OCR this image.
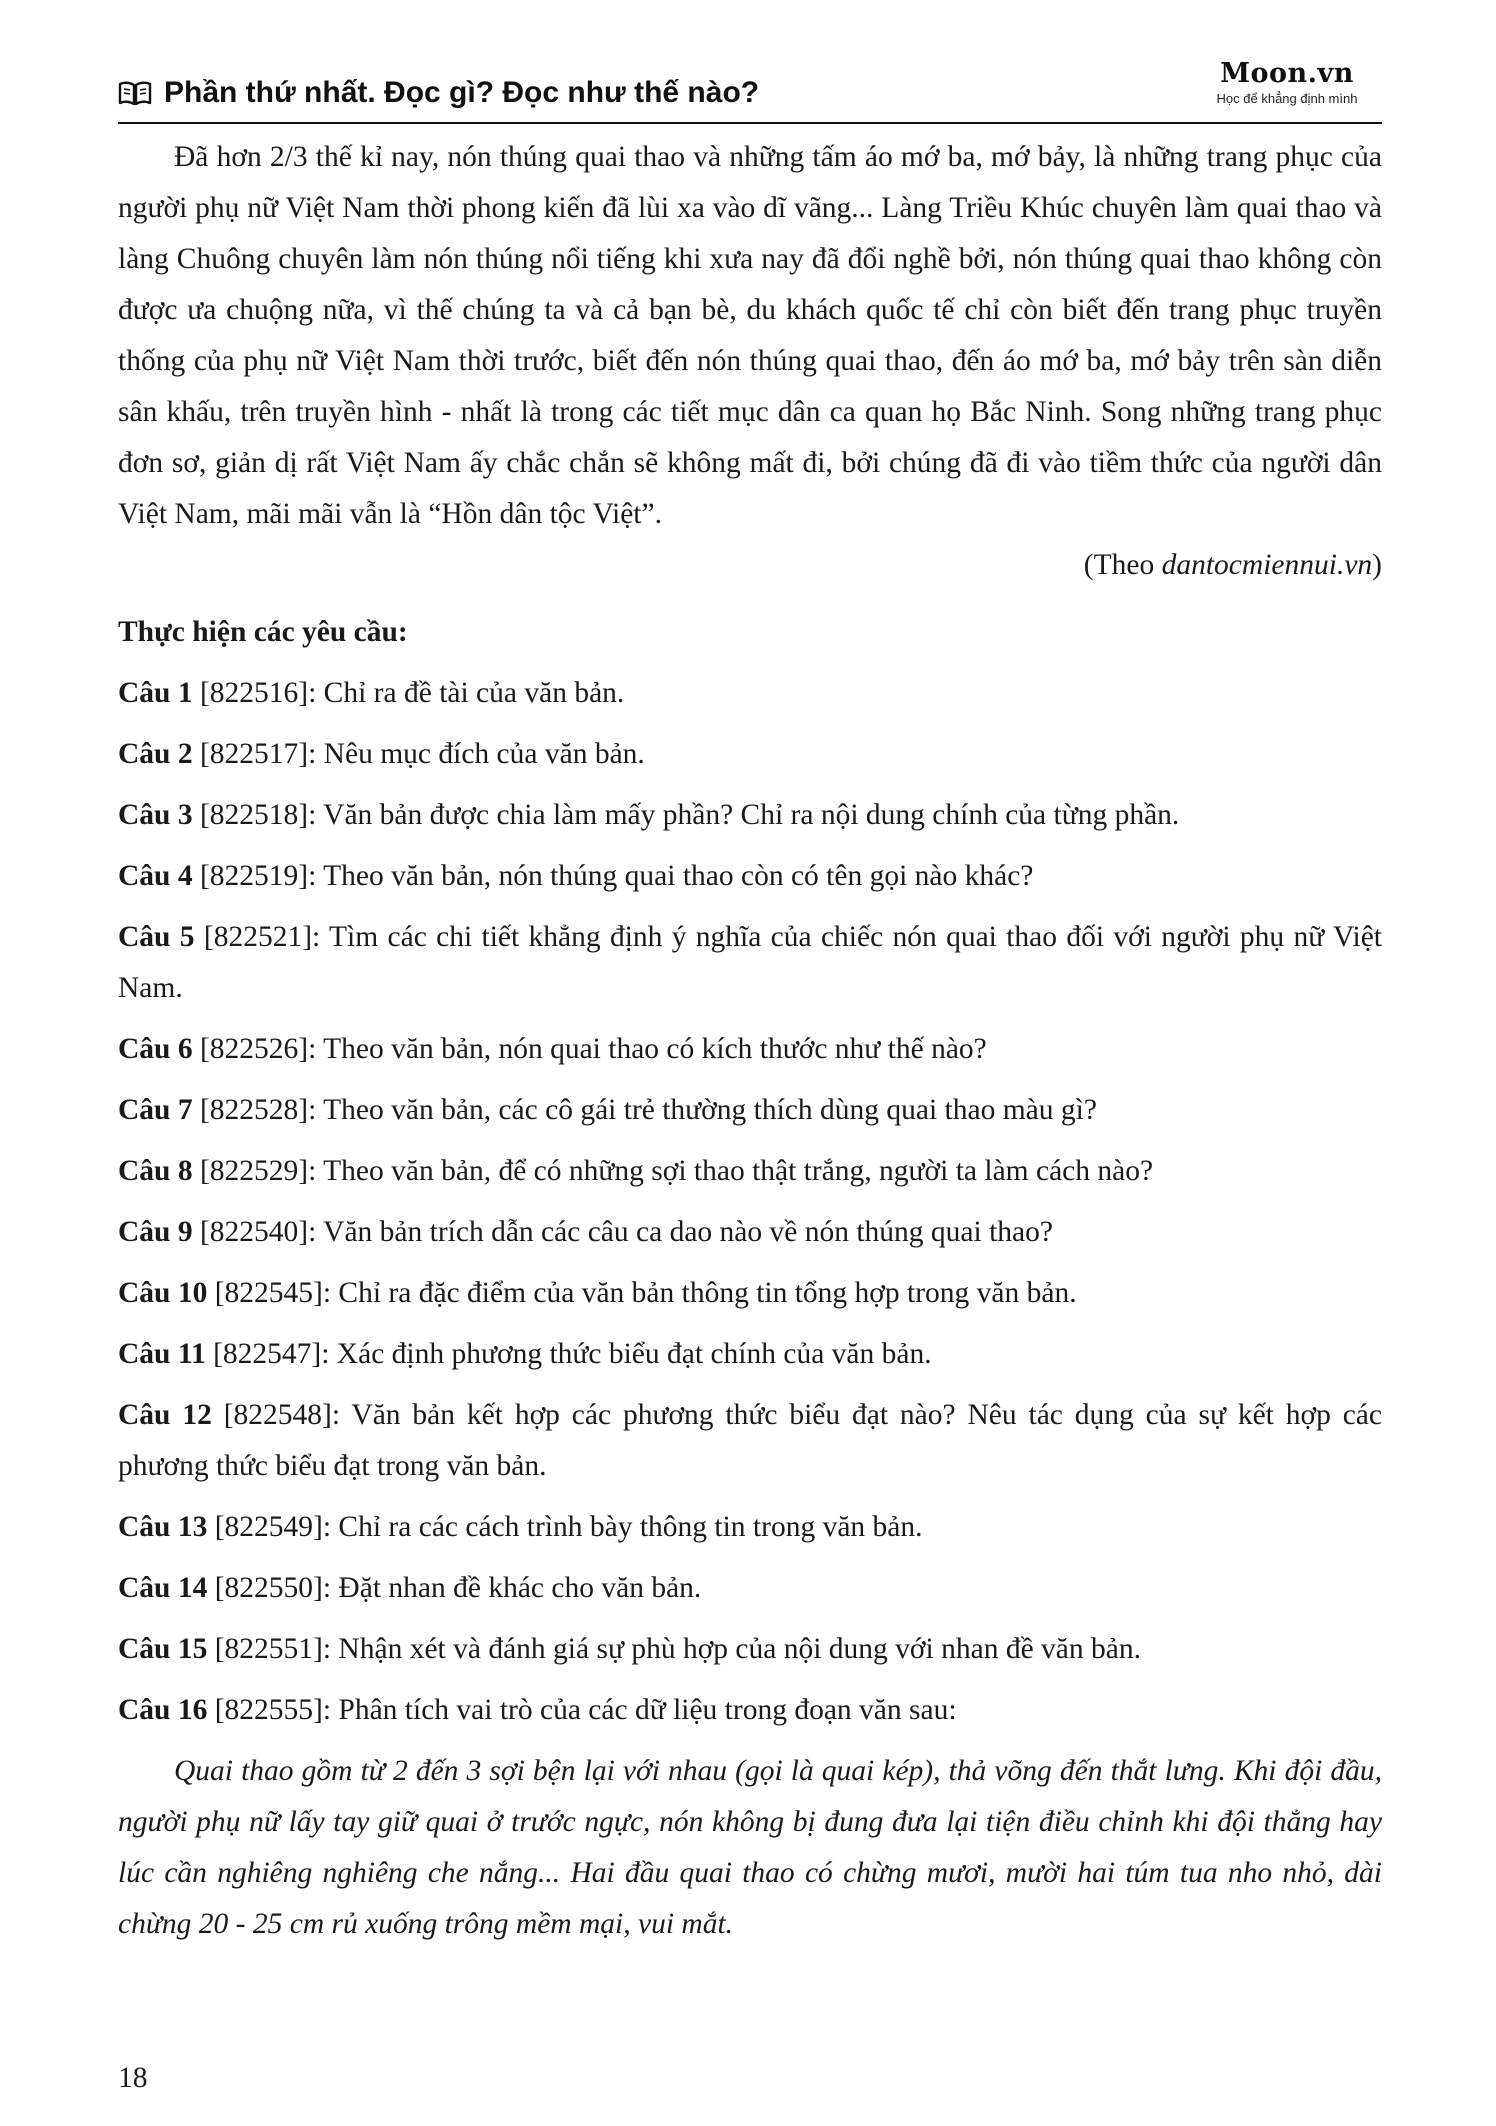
Phần thứ nhất. Đọc gì? Đọc như thế nào?
Moon.vn
Học để khẳng định mình

Đã hơn 2/3 thế kỉ nay, nón thúng quai thao và những tấm áo mớ ba, mớ bảy, là những trang phục của người phụ nữ Việt Nam thời phong kiến đã lùi xa vào dĩ vãng... Làng Triều Khúc chuyên làm quai thao và làng Chuông chuyên làm nón thúng nổi tiếng khi xưa nay đã đổi nghề bởi, nón thúng quai thao không còn được ưa chuộng nữa, vì thế chúng ta và cả bạn bè, du khách quốc tế chỉ còn biết đến trang phục truyền thống của phụ nữ Việt Nam thời trước, biết đến nón thúng quai thao, đến áo mớ ba, mớ bảy trên sàn diễn sân khấu, trên truyền hình - nhất là trong các tiết mục dân ca quan họ Bắc Ninh. Song những trang phục đơn sơ, giản dị rất Việt Nam ấy chắc chắn sẽ không mất đi, bởi chúng đã đi vào tiềm thức của người dân Việt Nam, mãi mãi vẫn là “Hồn dân tộc Việt”.

(Theo dantocmiennui.vn)

Thực hiện các yêu cầu:

Câu 1 [822516]: Chỉ ra đề tài của văn bản.

Câu 2 [822517]: Nêu mục đích của văn bản.

Câu 3 [822518]: Văn bản được chia làm mấy phần? Chỉ ra nội dung chính của từng phần.

Câu 4 [822519]: Theo văn bản, nón thúng quai thao còn có tên gọi nào khác?

Câu 5 [822521]: Tìm các chi tiết khẳng định ý nghĩa của chiếc nón quai thao đối với người phụ nữ Việt Nam.

Câu 6 [822526]: Theo văn bản, nón quai thao có kích thước như thế nào?

Câu 7 [822528]: Theo văn bản, các cô gái trẻ thường thích dùng quai thao màu gì?

Câu 8 [822529]: Theo văn bản, để có những sợi thao thật trắng, người ta làm cách nào?

Câu 9 [822540]: Văn bản trích dẫn các câu ca dao nào về nón thúng quai thao?

Câu 10 [822545]: Chỉ ra đặc điểm của văn bản thông tin tổng hợp trong văn bản.

Câu 11 [822547]: Xác định phương thức biểu đạt chính của văn bản.

Câu 12 [822548]: Văn bản kết hợp các phương thức biểu đạt nào? Nêu tác dụng của sự kết hợp các phương thức biểu đạt trong văn bản.

Câu 13 [822549]: Chỉ ra các cách trình bày thông tin trong văn bản.

Câu 14 [822550]: Đặt nhan đề khác cho văn bản.

Câu 15 [822551]: Nhận xét và đánh giá sự phù hợp của nội dung với nhan đề văn bản.

Câu 16 [822555]: Phân tích vai trò của các dữ liệu trong đoạn văn sau:

Quai thao gồm từ 2 đến 3 sợi bện lại với nhau (gọi là quai kép), thả võng đến thắt lưng. Khi đội đầu, người phụ nữ lấy tay giữ quai ở trước ngực, nón không bị đung đưa lại tiện điều chỉnh khi đội thẳng hay lúc cần nghiêng nghiêng che nắng... Hai đầu quai thao có chừng mươi, mười hai túm tua nho nhỏ, dài chừng 20 - 25 cm rủ xuống trông mềm mại, vui mắt.

18
